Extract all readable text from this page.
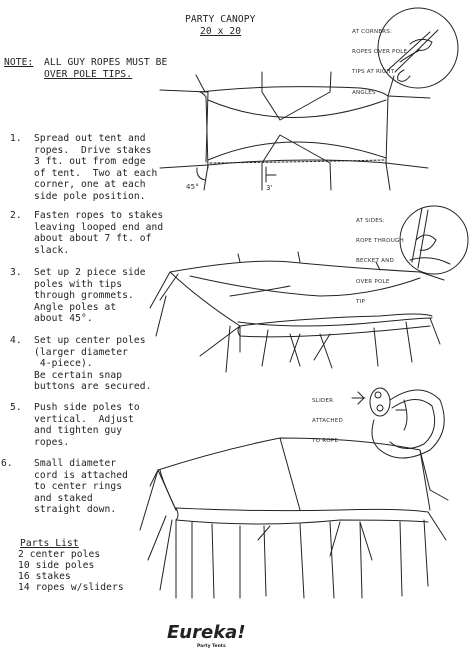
PARTY CANOPY
20 x 20
NOTE: ALL GUY ROPES MUST BE
OVER POLE TIPS.
1. Spread out tent and
ropes.  Drive stakes
3 ft. out from edge
of tent.  Two at each
corner, one at each
side pole position.
2. Fasten ropes to stakes
leaving looped end and
about about 7 ft. of
slack.
3. Set up 2 piece side
poles with tips
through grommets.
Angle poles at
about 45°.
4. Set up center poles
(larger diameter
4-piece).
Be certain snap
buttons are secured.
5. Push side poles to
vertical.  Adjust
and tighten guy
ropes.
6. Small diameter
cord is attached
to center rings
and staked
straight down.
Parts List
2 center poles
10 side poles
16 stakes
14 ropes w/sliders
Eureka!
Party Tents

AT CORNERS:

ROPES OVER POLE

TIPS AT RIGHT

ANGLES

AT SIDES:

ROPE THROUGH

BECKET AND

OVER POLE

TIP

SLIDER

ATTACHED

TO ROPE

45°	3'
